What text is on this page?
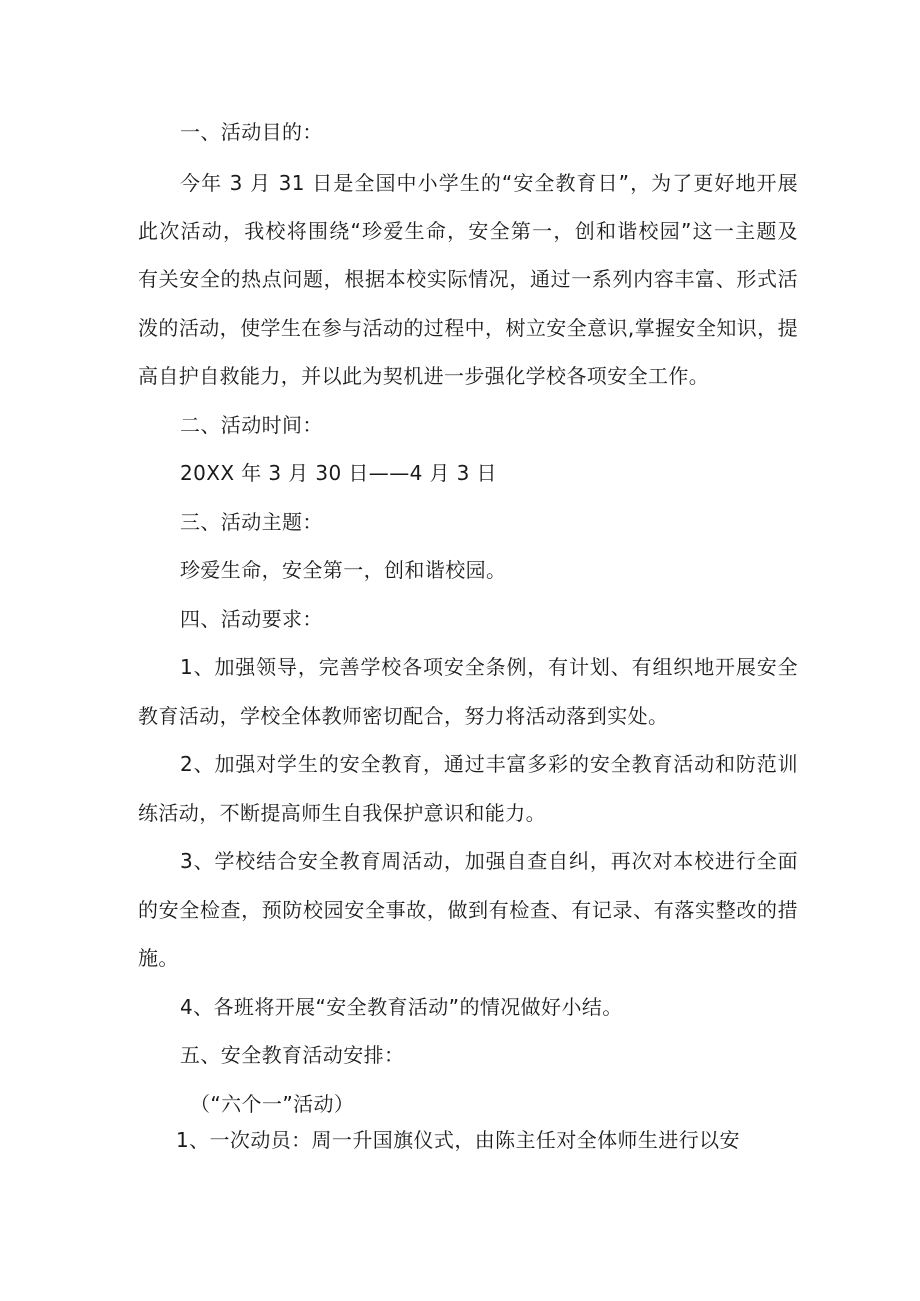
一、活动目的：
今年 3 月 31 日是全国中小学生的“安全教育日”，为了更好地开展
此次活动，我校将围绕“珍爱生命，安全第一，创和谐校园”这一主题及
有关安全的热点问题，根据本校实际情况，通过一系列内容丰富、形式活
泼的活动，使学生在参与活动的过程中，树立安全意识,掌握安全知识，提
高自护自救能力，并以此为契机进一步强化学校各项安全工作。
二、活动时间：
20XX 年 3 月 30 日——4 月 3 日
三、活动主题：
珍爱生命，安全第一，创和谐校园。
四、活动要求：
1、加强领导，完善学校各项安全条例，有计划、有组织地开展安全
教育活动，学校全体教师密切配合，努力将活动落到实处。
2、加强对学生的安全教育，通过丰富多彩的安全教育活动和防范训
练活动，不断提高师生自我保护意识和能力。
3、学校结合安全教育周活动，加强自查自纠，再次对本校进行全面
的安全检查，预防校园安全事故，做到有检查、有记录、有落实整改的措
施。
4、各班将开展“安全教育活动”的情况做好小结。
五、安全教育活动安排：
（“六个一”活动）
1、一次动员：周一升国旗仪式，由陈主任对全体师生进行以安
